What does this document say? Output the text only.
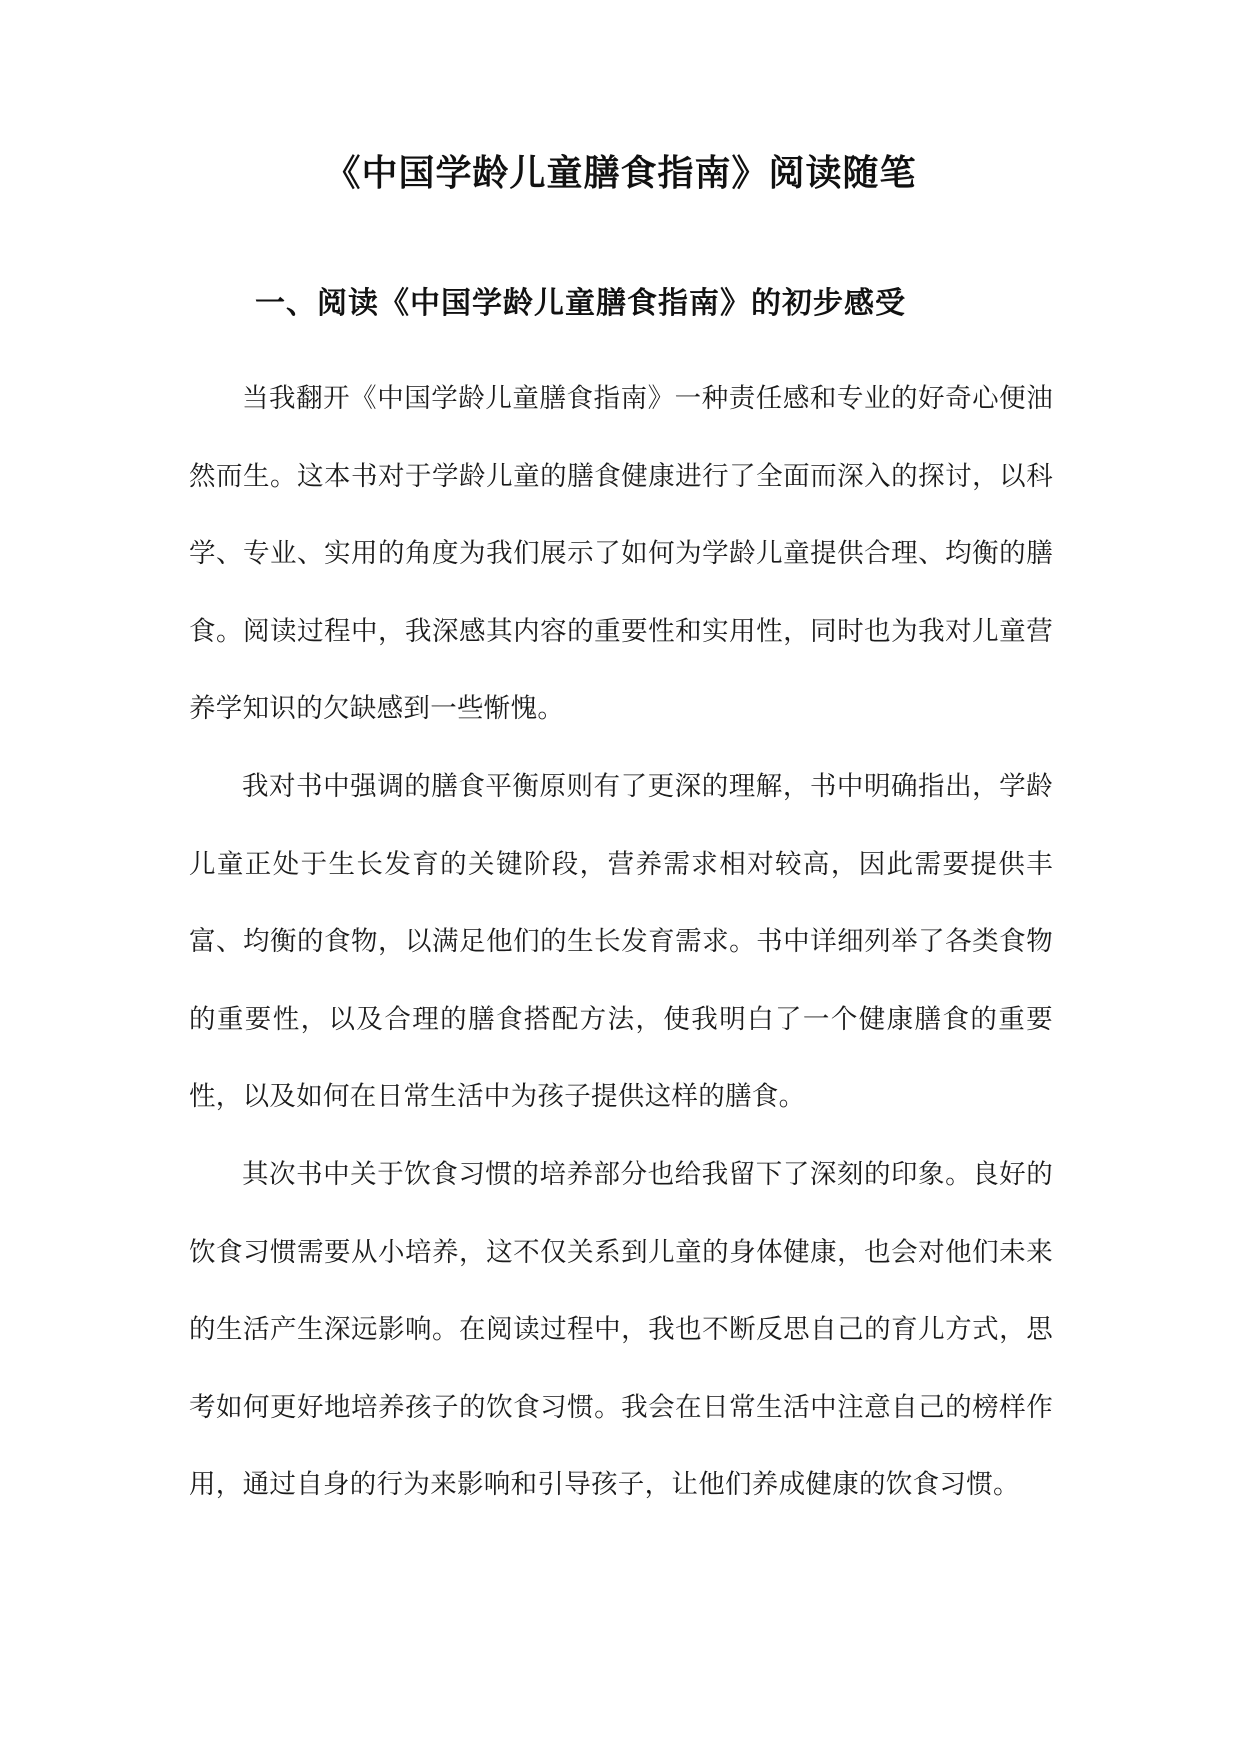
《中国学龄儿童膳食指南》阅读随笔
一、阅读《中国学龄儿童膳食指南》的初步感受

当我翻开《中国学龄儿童膳食指南》一种责任感和专业的好奇心便油然而生。这本书对于学龄儿童的膳食健康进行了全面而深入的探讨，以科学、专业、实用的角度为我们展示了如何为学龄儿童提供合理、均衡的膳食。阅读过程中，我深感其内容的重要性和实用性，同时也为我对儿童营养学知识的欠缺感到一些惭愧。

我对书中强调的膳食平衡原则有了更深的理解，书中明确指出，学龄儿童正处于生长发育的关键阶段，营养需求相对较高，因此需要提供丰富、均衡的食物，以满足他们的生长发育需求。书中详细列举了各类食物的重要性，以及合理的膳食搭配方法，使我明白了一个健康膳食的重要性，以及如何在日常生活中为孩子提供这样的膳食。

其次书中关于饮食习惯的培养部分也给我留下了深刻的印象。良好的饮食习惯需要从小培养，这不仅关系到儿童的身体健康，也会对他们未来的生活产生深远影响。在阅读过程中，我也不断反思自己的育儿方式，思考如何更好地培养孩子的饮食习惯。我会在日常生活中注意自己的榜样作用，通过自身的行为来影响和引导孩子，让他们养成健康的饮食习惯。
